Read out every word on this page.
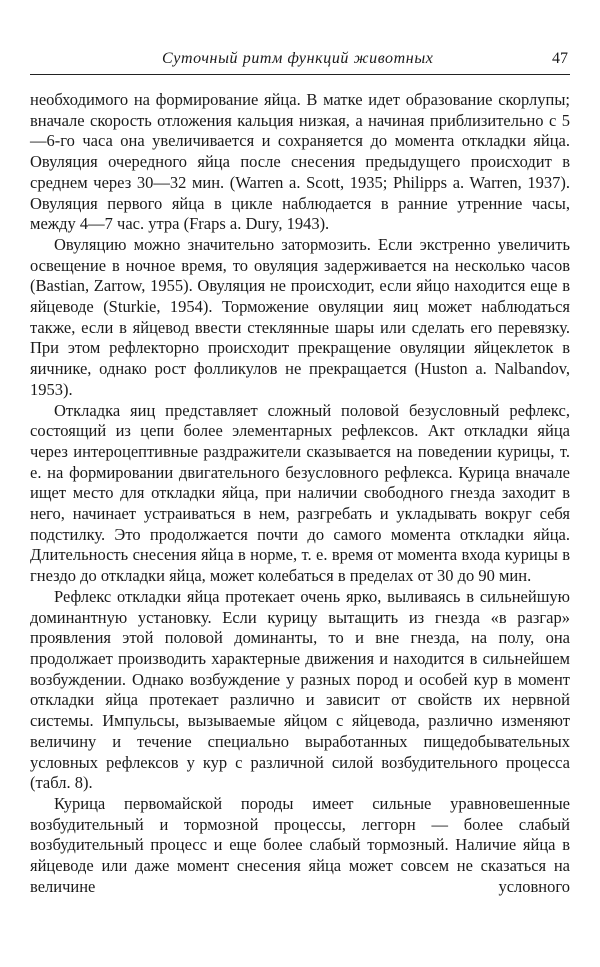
Суточный ритм функций животных	47

необходимого на формирование яйца. В матке идет образование скорлупы; вначале скорость отложения кальция низкая, а начиная приблизительно с 5—6-го часа она увеличивается и сохраняется до момента откладки яйца. Овуляция очередного яйца после снесения предыдущего происходит в среднем через 30—32 мин. (Warren a. Scott, 1935; Philipps a. Warren, 1937). Овуляция первого яйца в цикле наблюдается в ранние утренние часы, между 4—7 час. утра (Fraps a. Dury, 1943).

Овуляцию можно значительно затормозить. Если экстренно увеличить освещение в ночное время, то овуляция задерживается на несколько часов (Bastian, Zarrow, 1955). Овуляция не происходит, если яйцо находится еще в яйцеводе (Sturkie, 1954). Торможение овуляции яиц может наблюдаться также, если в яйцевод ввести стеклянные шары или сделать его перевязку. При этом рефлекторно происходит прекращение овуляции яйцеклеток в яичнике, однако рост фолликулов не прекращается (Huston a. Nalbandov, 1953).

Откладка яиц представляет сложный половой безусловный рефлекс, состоящий из цепи более элементарных рефлексов. Акт откладки яйца через интероцептивные раздражители сказывается на поведении курицы, т. е. на формировании двигательного безусловного рефлекса. Курица вначале ищет место для откладки яйца, при наличии свободного гнезда заходит в него, начинает устраиваться в нем, разгребать и укладывать вокруг себя подстилку. Это продолжается почти до самого момента откладки яйца. Длительность снесения яйца в норме, т. е. время от момента входа курицы в гнездо до откладки яйца, может колебаться в пределах от 30 до 90 мин.

Рефлекс откладки яйца протекает очень ярко, выливаясь в сильнейшую доминантную установку. Если курицу вытащить из гнезда «в разгар» проявления этой половой доминанты, то и вне гнезда, на полу, она продолжает производить характерные движения и находится в сильнейшем возбуждении. Однако возбуждение у разных пород и особей кур в момент откладки яйца протекает различно и зависит от свойств их нервной системы. Импульсы, вызываемые яйцом с яйцевода, различно изменяют величину и течение специально выработанных пищедобывательных условных рефлексов у кур с различной силой возбудительного процесса (табл. 8).

Курица первомайской породы имеет сильные уравновешенные возбудительный и тормозной процессы, леггорн — более слабый возбудительный процесс и еще более слабый тормозный. Наличие яйца в яйцеводе или даже момент снесения яйца может совсем не сказаться на величине условного
